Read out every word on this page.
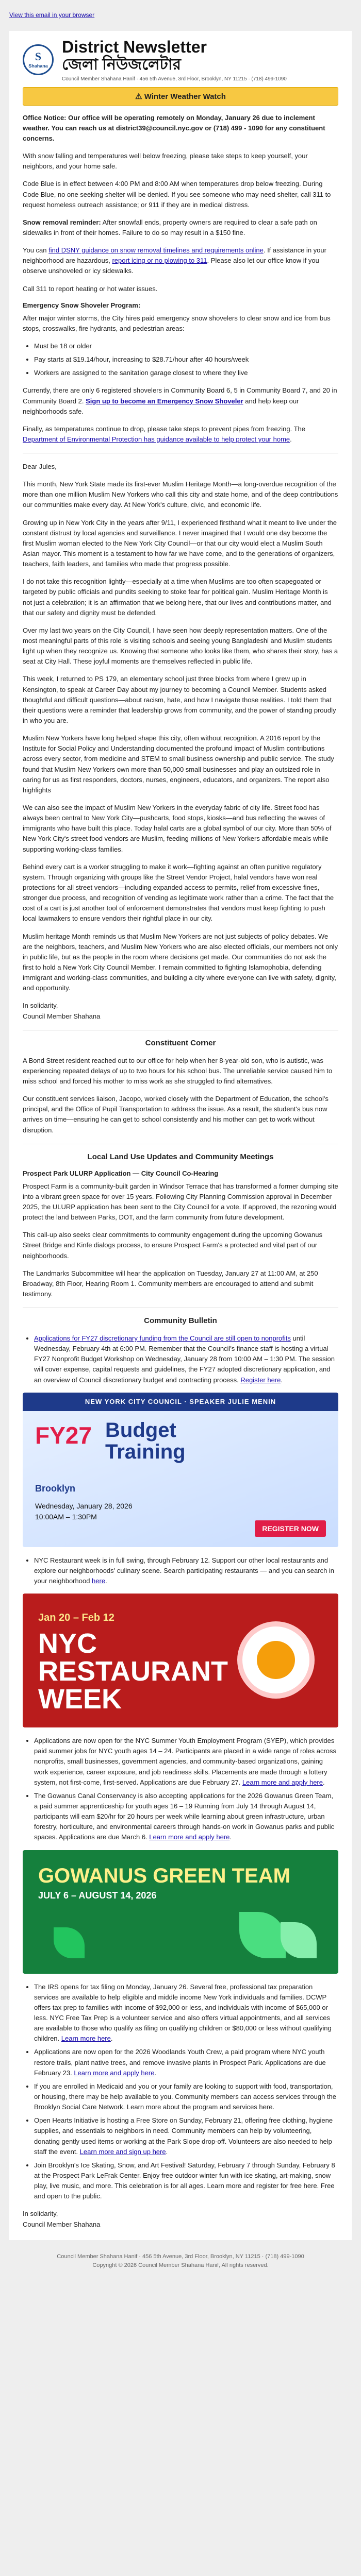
View this email in your browser
S
Shahana
District Newsletter
জেলা নিউজলেটার
Council Member Shahana Hanif · 456 5th Avenue, 3rd Floor, Brooklyn, NY 11215 · (718) 499-1090
⚠ Winter Weather Watch

Office Notice: Our office will be operating remotely on Monday, January 26 due to inclement weather. You can reach us at district39@council.nyc.gov or (718) 499 - 1090 for any constituent concerns.

With snow falling and temperatures well below freezing, please take steps to keep yourself, your neighbors, and your home safe.

Code Blue is in effect between 4:00 PM and 8:00 AM when temperatures drop below freezing. During Code Blue, no one seeking shelter will be denied. If you see someone who may need shelter, call 311 to request homeless outreach assistance; or 911 if they are in medical distress.

Snow removal reminder: After snowfall ends, property owners are required to clear a safe path on sidewalks in front of their homes. Failure to do so may result in a $150 fine.

You can find DSNY guidance on snow removal timelines and requirements online. If assistance in your neighborhood are hazardous, report icing or no plowing to 311. Please also let our office know if you observe unshoveled or icy sidewalks.

Call 311 to report heating or hot water issues.

Emergency Snow Shoveler Program:

After major winter storms, the City hires paid emergency snow shovelers to clear snow and ice from bus stops, crosswalks, fire hydrants, and pedestrian areas:

• Must be 18 or older
• Pay starts at $19.14/hour, increasing to $28.71/hour after 40 hours/week
• Workers are assigned to the sanitation garage closest to where they live

Currently, there are only 6 registered shovelers in Community Board 6, 5 in Community Board 7, and 20 in Community Board 2. Sign up to become an Emergency Snow Shoveler and help keep our neighborhoods safe.

Finally, as temperatures continue to drop, please take steps to prevent pipes from freezing. The Department of Environmental Protection has guidance available to help protect your home.

Dear Jules,

This month, New York State made its first-ever Muslim Heritage Month—a long-overdue recognition of the more than one million Muslim New Yorkers who call this city and state home, and of the deep contributions our communities make every day. At New York's culture, civic, and economic life.

Growing up in New York City in the years after 9/11, I experienced firsthand what it meant to live under the constant distrust by local agencies and surveillance. I never imagined that I would one day become the first Muslim woman elected to the New York City Council—or that our city would elect a Muslim South Asian mayor. This moment is a testament to how far we have come, and to the generations of organizers, teachers, faith leaders, and families who made that progress possible.

I do not take this recognition lightly—especially at a time when Muslims are too often scapegoated or targeted by public officials and pundits seeking to stoke fear for political gain. Muslim Heritage Month is not just a celebration; it is an affirmation that we belong here, that our lives and contributions matter, and that our safety and dignity must be defended.

Over my last two years on the City Council, I have seen how deeply representation matters. One of the most meaningful parts of this role is visiting schools and seeing young Bangladeshi and Muslim students light up when they recognize us. Knowing that someone who looks like them, who shares their story, has a seat at City Hall. These joyful moments are themselves reflected in public life.

This week, I returned to PS 179, an elementary school just three blocks from where I grew up in Kensington, to speak at Career Day about my journey to becoming a Council Member. Students asked thoughtful and difficult questions—about racism, hate, and how I navigate those realities. I told them that their questions were a reminder that leadership grows from community, and the power of standing proudly in who you are.

Muslim New Yorkers have long helped shape this city, often without recognition. A 2016 report by the Institute for Social Policy and Understanding documented the profound impact of Muslim contributions across every sector, from medicine and STEM to small business ownership and public service. The study found that Muslim New Yorkers own more than 50,000 small businesses and play an outsized role in caring for us as first responders, doctors, nurses, engineers, educators, and organizers. The report also highlights

We can also see the impact of Muslim New Yorkers in the everyday fabric of city life. Street food has always been central to New York City—pushcarts, food stops, kiosks—and bus reflecting the waves of immigrants who have built this place. Today halal carts are a global symbol of our city. More than 50% of New York City's street food vendors are Muslim, feeding millions of New Yorkers affordable meals while supporting working-class families.

Behind every cart is a worker struggling to make it work—fighting against an often punitive regulatory system. Through organizing with groups like the Street Vendor Project, halal vendors have won real protections for all street vendors—including expanded access to permits, relief from excessive fines, stronger due process, and recognition of vending as legitimate work rather than a crime. The fact that the cost of a cart is just another tool of enforcement demonstrates that vendors must keep fighting to push local lawmakers to ensure vendors their rightful place in our city.

Muslim heritage Month reminds us that Muslim New Yorkers are not just subjects of policy debates. We are the neighbors, teachers, and Muslim New Yorkers who are also elected officials, our members not only in public life, but as the people in the room where decisions get made. Our communities do not ask the first to hold a New York City Council Member. I remain committed to fighting Islamophobia, defending immigrant and working-class communities, and building a city where everyone can live with safety, dignity, and opportunity.

In solidarity,
Council Member Shahana
Constituent Corner

A Bond Street resident reached out to our office for help when her 8-year-old son, who is autistic, was experiencing repeated delays of up to two hours for his school bus. The unreliable service caused him to miss school and forced his mother to miss work as she struggled to find alternatives.

Our constituent services liaison, Jacopo, worked closely with the Department of Education, the school's principal, and the Office of Pupil Transportation to address the issue. As a result, the student's bus now arrives on time—ensuring he can get to school consistently and his mother can get to work without disruption.

Local Land Use Updates and Community Meetings
Prospect Park ULURP Application — City Council Co-Hearing

Prospect Farm is a community-built garden in Windsor Terrace that has transformed a former dumping site into a vibrant green space for over 15 years. Following City Planning Commission approval in December 2025, the ULURP application has been sent to the City Council for a vote. If approved, the rezoning would protect the land between Parks, DOT, and the farm community from future development.

This call-up also seeks clear commitments to community engagement during the upcoming Gowanus Street Bridge and Kinfe dialogs process, to ensure Prospect Farm's a protected and vital part of our neighborhoods.

The Landmarks Subcommittee will hear the application on Tuesday, January 27 at 11:00 AM, at 250 Broadway, 8th Floor, Hearing Room 1. Community members are encouraged to attend and submit testimony.

Community Bulletin
• Applications for FY27 discretionary funding from the Council are still open to nonprofits until Wednesday, February 4th at 6:00 PM. Remember that the Council's finance staff is hosting a virtual FY27 Nonprofit Budget Workshop on Wednesday, January 28 from 10:00 AM – 1:30 PM. The session will cover expense, capital requests and guidelines, the FY27 adopted discretionary application, and an overview of Council discretionary budget and contracting process. Register here.
NEW YORK CITY COUNCIL · SPEAKER JULIE MENIN
FY27 Budget
Training
Brooklyn
Wednesday, January 28, 2026
10:00AM – 1:30PM
REGISTER NOW
• NYC Restaurant week is in full swing, through February 12. Support our other local restaurants and explore our neighborhoods' culinary scene. Search participating restaurants — and you can search in your neighborhood here.
Jan 20 – Feb 12
NYC
RESTAURANT
WEEK
• Applications are now open for the NYC Summer Youth Employment Program (SYEP), which provides paid summer jobs for NYC youth ages 14 – 24. Participants are placed in a wide range of roles across nonprofits, small businesses, government agencies, and community-based organizations, gaining work experience, career exposure, and job readiness skills. Placements are made through a lottery system, not first-come, first-served. Applications are due February 27. Learn more and apply here.
• The Gowanus Canal Conservancy is also accepting applications for the 2026 Gowanus Green Team, a paid summer apprenticeship for youth ages 16 – 19 Running from July 14 through August 14, participants will earn $20/hr for 20 hours per week while learning about green infrastructure, urban forestry, horticulture, and environmental careers through hands-on work in Gowanus parks and public spaces. Applications are due March 6. Learn more and apply here.
GOWANUS GREEN TEAM
JULY 6 – AUGUST 14, 2026
• The IRS opens for tax filing on Monday, January 26. Several free, professional tax preparation services are available to help eligible and middle income New York individuals and families. DCWP offers tax prep to families with income of $92,000 or less, and individuals with income of $65,000 or less. NYC Free Tax Prep is a volunteer service and also offers virtual appointments, and all services are available to those who qualify as filing on qualifying children or $80,000 or less without qualifying children. Learn more here.
• Applications are now open for the 2026 Woodlands Youth Crew, a paid program where NYC youth restore trails, plant native trees, and remove invasive plants in Prospect Park. Applications are due February 23. Learn more and apply here.
• If you are enrolled in Medicaid and you or your family are looking to support with food, transportation, or housing, there may be help available to you. Community members can access services through the Brooklyn Social Care Network. Learn more about the program and services here.
• Open Hearts Initiative is hosting a Free Store on Sunday, February 21, offering free clothing, hygiene supplies, and essentials to neighbors in need. Community members can help by volunteering, donating gently used items or working at the Park Slope drop-off. Volunteers are also needed to help staff the event. Learn more and sign up here.
• Join Brooklyn's Ice Skating, Snow, and Art Festival! Saturday, February 7 through Sunday, February 8 at the Prospect Park LeFrak Center. Enjoy free outdoor winter fun with ice skating, art-making, snow play, live music, and more. This celebration is for all ages. Learn more and register for free here. Free and open to the public.
In solidarity,
Council Member Shahana
Council Member Shahana Hanif · 456 5th Avenue, 3rd Floor, Brooklyn, NY 11215 · (718) 499-1090
Copyright © 2026 Council Member Shahana Hanif, All rights reserved.
